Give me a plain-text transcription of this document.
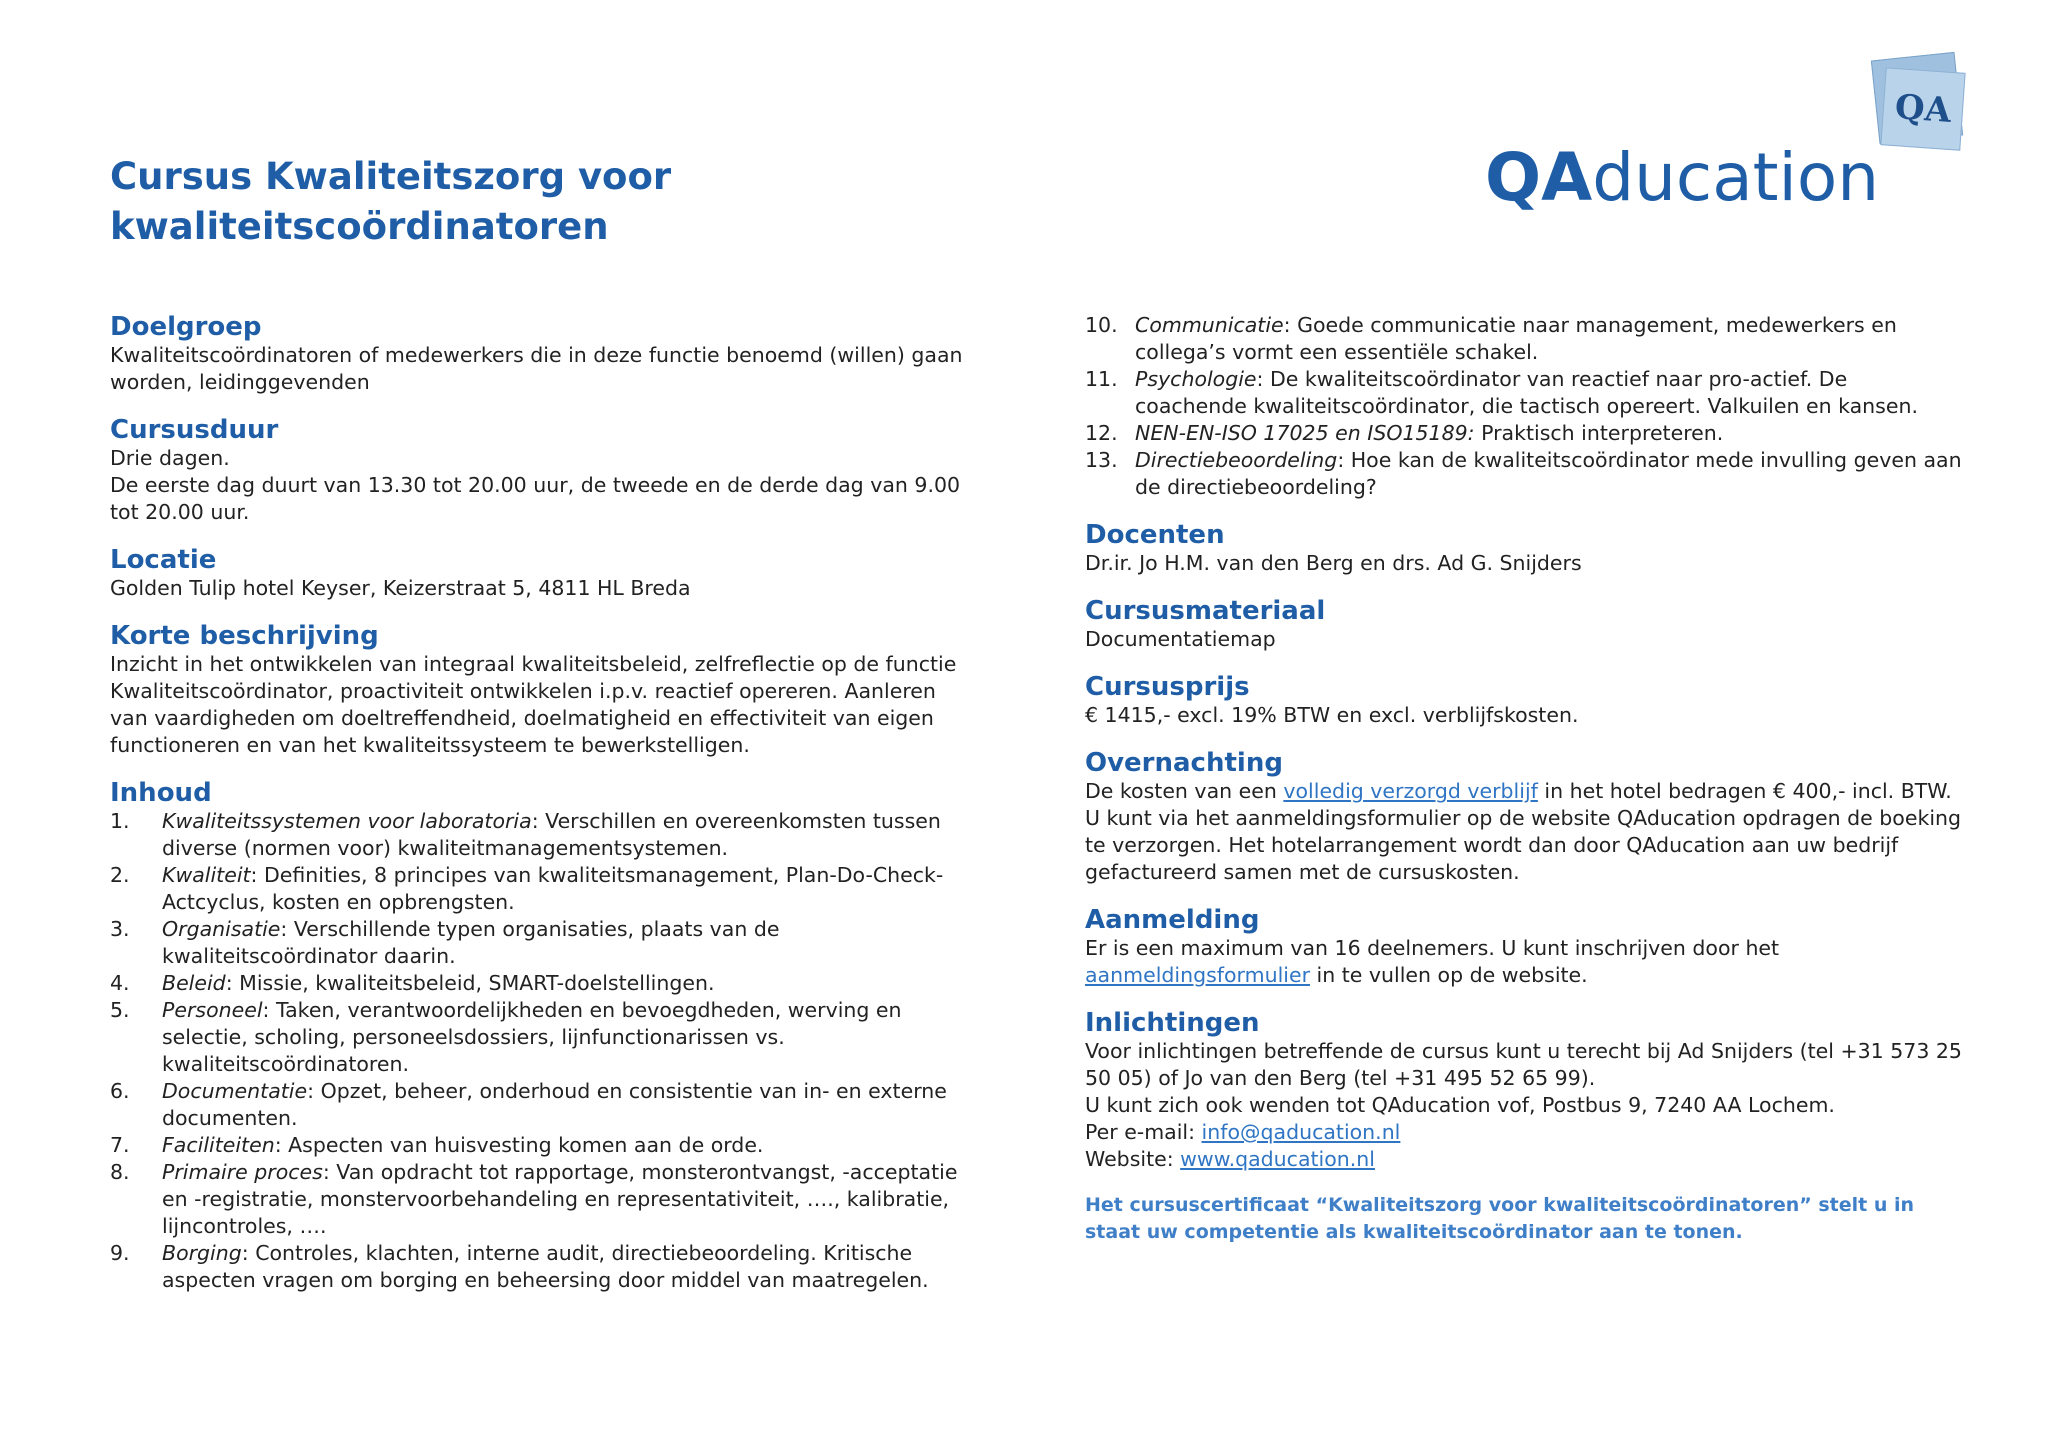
Cursus Kwaliteitszorg voor
kwaliteitscoördinatoren
QA
QAducation
Doelgroep

Kwaliteitscoördinatoren of medewerkers die in deze functie benoemd (willen) gaan worden, leidinggevenden

Cursusduur

Drie dagen.

De eerste dag duurt van 13.30 tot 20.00 uur, de tweede en de derde dag van 9.00 tot 20.00 uur.

Locatie

Golden Tulip hotel Keyser, Keizerstraat 5, 4811 HL Breda

Korte beschrijving

Inzicht in het ontwikkelen van integraal kwaliteitsbeleid, zelfreflectie op de functie Kwaliteitscoördinator, proactiviteit ontwikkelen i.p.v. reactief opereren. Aanleren van vaardigheden om doeltreffendheid, doelmatigheid en effectiviteit van eigen functioneren en van het kwaliteitssysteem te bewerkstelligen.

Inhoud
1. Kwaliteitssystemen voor laboratoria: Verschillen en overeenkomsten tussen diverse (normen voor) kwaliteitmanagementsystemen.
2. Kwaliteit: Definities, 8 principes van kwaliteitsmanagement, Plan-Do-Check-Actcyclus, kosten en opbrengsten.
3. Organisatie: Verschillende typen organisaties, plaats van de kwaliteitscoördinator daarin.
4. Beleid: Missie, kwaliteitsbeleid, SMART-doelstellingen.
5. Personeel: Taken, verantwoordelijkheden en bevoegdheden, werving en selectie, scholing, personeelsdossiers, lijnfunctionarissen vs. kwaliteitscoördinatoren.
6. Documentatie: Opzet, beheer, onderhoud en consistentie van in- en externe documenten.
7. Faciliteiten: Aspecten van huisvesting komen aan de orde.
8. Primaire proces: Van opdracht tot rapportage, monsterontvangst, -acceptatie en -registratie, monstervoorbehandeling en representativiteit, …., kalibratie, lijncontroles, ….
9. Borging: Controles, klachten, interne audit, directiebeoordeling. Kritische aspecten vragen om borging en beheersing door middel van maatregelen.
10. Communicatie: Goede communicatie naar management, medewerkers en collega’s vormt een essentiële schakel.
11. Psychologie: De kwaliteitscoördinator van reactief naar pro-actief. De coachende kwaliteitscoördinator, die tactisch opereert. Valkuilen en kansen.
12. NEN-EN-ISO 17025 en ISO15189: Praktisch interpreteren.
13. Directiebeoordeling: Hoe kan de kwaliteitscoördinator mede invulling geven aan de directiebeoordeling?
Docenten

Dr.ir. Jo H.M. van den Berg en drs. Ad G. Snijders

Cursusmateriaal

Documentatiemap

Cursusprijs

€ 1415,- excl. 19% BTW en excl. verblijfskosten.

Overnachting

De kosten van een volledig verzorgd verblijf in het hotel bedragen € 400,- incl. BTW.

U kunt via het aanmeldingsformulier op de website QAducation opdragen de boeking te verzorgen. Het hotelarrangement wordt dan door QAducation aan uw bedrijf gefactureerd samen met de cursuskosten.

Aanmelding

Er is een maximum van 16 deelnemers. U kunt inschrijven door het
aanmeldingsformulier in te vullen op de website.

Inlichtingen

Voor inlichtingen betreffende de cursus kunt u terecht bij Ad Snijders (tel +31 573 25 50 05) of Jo van den Berg (tel +31 495 52 65 99).

U kunt zich ook wenden tot QAducation vof, Postbus 9, 7240 AA Lochem.

Per e-mail: info@qaducation.nl

Website: www.qaducation.nl

Het cursuscertificaat “Kwaliteitszorg voor kwaliteitscoördinatoren” stelt u in staat uw competentie als kwaliteitscoördinator aan te tonen.
